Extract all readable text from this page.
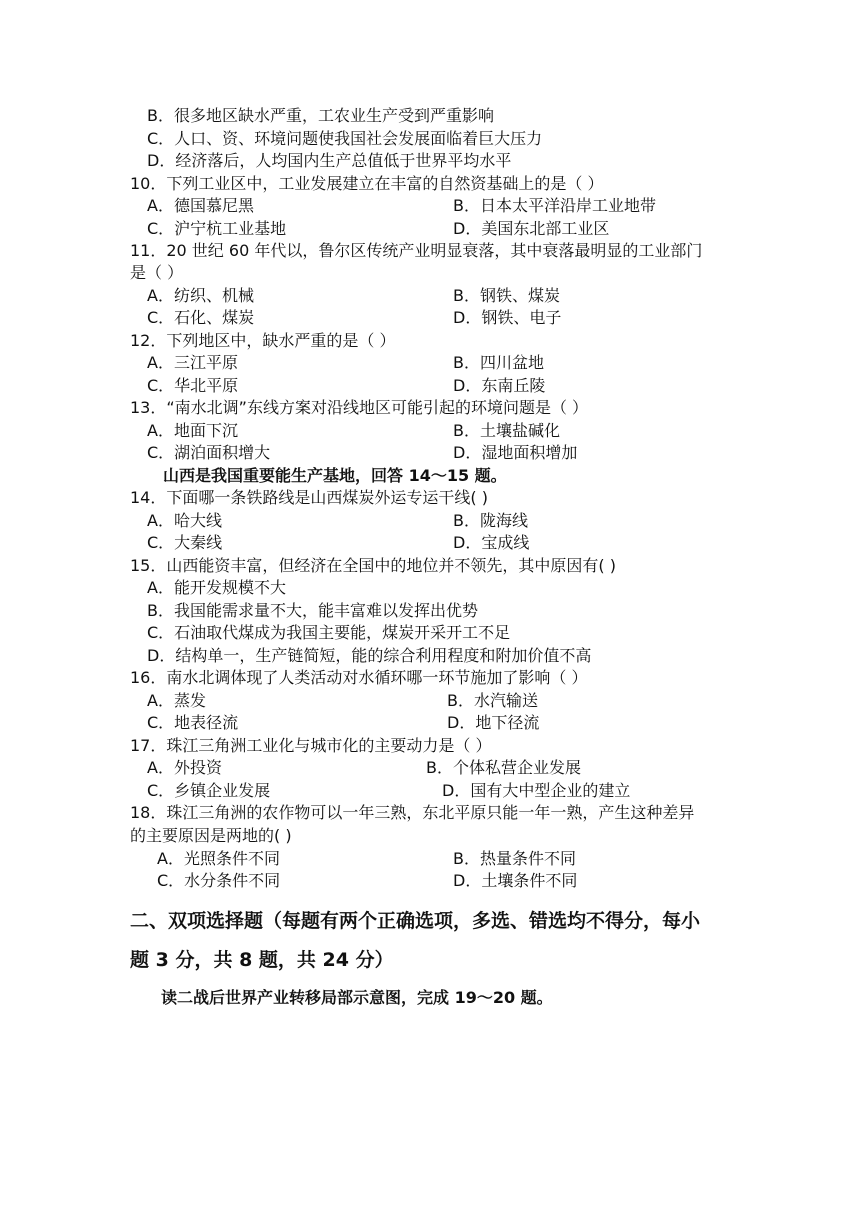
B．很多地区缺水严重，工农业生产受到严重影响
C．人口、资、环境问题使我国社会发展面临着巨大压力
D．经济落后，人均国内生产总值低于世界平均水平
10．下列工业区中，工业发展建立在丰富的自然资基础上的是（ ）
A．德国慕尼黑	B．日本太平洋沿岸工业地带
C．沪宁杭工业基地	D．美国东北部工业区
11．20 世纪 60 年代以，鲁尔区传统产业明显衰落，其中衰落最明显的工业部门
是（ ）
A．纺织、机械	B．钢铁、煤炭
C．石化、煤炭	D．钢铁、电子
12．下列地区中，缺水严重的是（ ）
A．三江平原	B．四川盆地
C．华北平原	D．东南丘陵
13．“南水北调”东线方案对沿线地区可能引起的环境问题是（ ）
A．地面下沉	B．土壤盐碱化
C．湖泊面积增大	D．湿地面积增加
山西是我国重要能生产基地，回答 14～15 题。
14．下面哪一条铁路线是山西煤炭外运专运干线( )
A．哈大线	B．陇海线
C．大秦线	D．宝成线
15．山西能资丰富，但经济在全国中的地位并不领先，其中原因有( )
A．能开发规模不大
B．我国能需求量不大，能丰富难以发挥出优势
C．石油取代煤成为我国主要能，煤炭开采开工不足
D．结构单一，生产链简短，能的综合利用程度和附加价值不高
16．南水北调体现了人类活动对水循环哪一环节施加了影响（ ）
A．蒸发	B．水汽输送
C．地表径流	D．地下径流
17．珠江三角洲工业化与城市化的主要动力是（ ）
A．外投资	B．个体私营企业发展
C．乡镇企业发展	D．国有大中型企业的建立
18．珠江三角洲的农作物可以一年三熟，东北平原只能一年一熟，产生这种差异
的主要原因是两地的( )
A．光照条件不同	B．热量条件不同
C．水分条件不同	D．土壤条件不同
二、双项选择题（每题有两个正确选项，多选、错选均不得分，每小
题 3 分，共 8 题，共 24 分）
读二战后世界产业转移局部示意图，完成 19～20 题。
